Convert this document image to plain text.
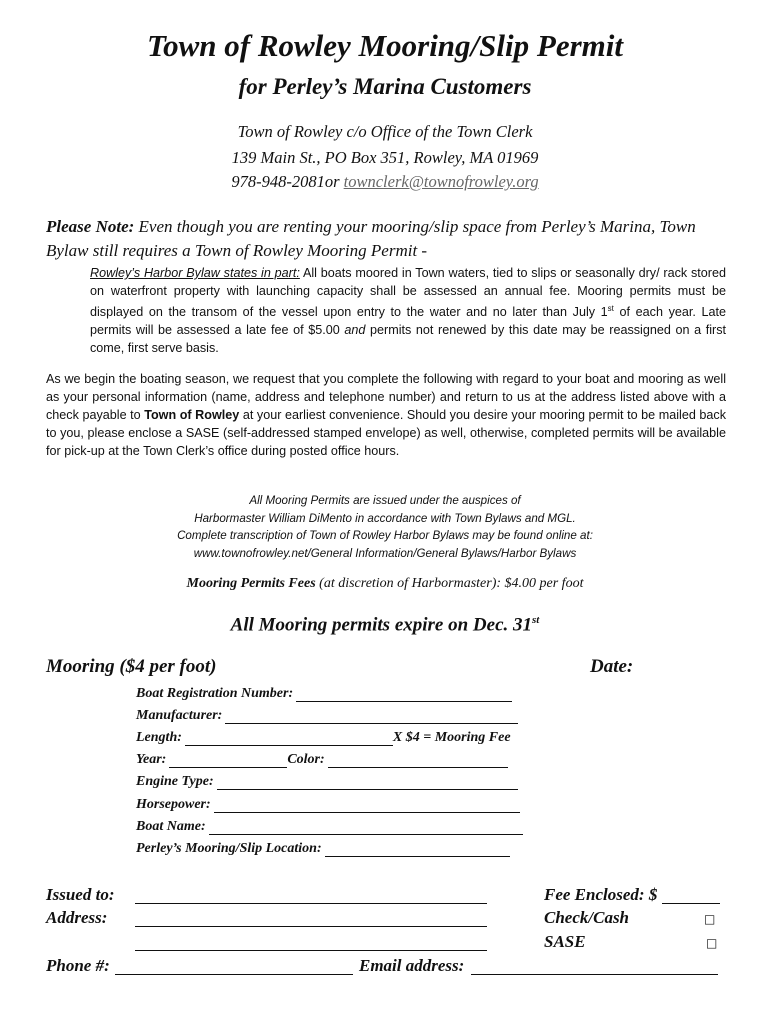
Town of Rowley Mooring/Slip Permit
for Perley’s Marina Customers
Town of Rowley c/o Office of the Town Clerk
139 Main St., PO Box 351, Rowley, MA 01969
978-948-2081or townclerk@townofrowley.org
Please Note: Even though you are renting your mooring/slip space from Perley’s Marina, Town Bylaw still requires a Town of Rowley Mooring Permit -
Rowley’s Harbor Bylaw states in part: All boats moored in Town waters, tied to slips or seasonally dry/ rack stored on waterfront property with launching capacity shall be assessed an annual fee. Mooring permits must be displayed on the transom of the vessel upon entry to the water and no later than July 1st of each year. Late permits will be assessed a late fee of $5.00 and permits not renewed by this date may be reassigned on a first come, first serve basis.
As we begin the boating season, we request that you complete the following with regard to your boat and mooring as well as your personal information (name, address and telephone number) and return to us at the address listed above with a check payable to Town of Rowley at your earliest convenience. Should you desire your mooring permit to be mailed back to you, please enclose a SASE (self-addressed stamped envelope) as well, otherwise, completed permits will be available for pick-up at the Town Clerk’s office during posted office hours.
All Mooring Permits are issued under the auspices of
Harbormaster William DiMento in accordance with Town Bylaws and MGL.
Complete transcription of Town of Rowley Harbor Bylaws may be found online at:
www.townofrowley.net/General Information/General Bylaws/Harbor Bylaws
Mooring Permits Fees (at discretion of Harbormaster): $4.00 per foot
All Mooring permits expire on Dec. 31st
Mooring ($4 per foot)	Date:
Boat Registration Number:
Manufacturer:
Length:	X $4 = Mooring Fee
Year:	Color:
Engine Type:
Horsepower:
Boat Name:
Perley’s Mooring/Slip Location:
Issued to:
Address:
Phone #:	Email address:
Fee Enclosed: $
Check/Cash	□
SASE	□
